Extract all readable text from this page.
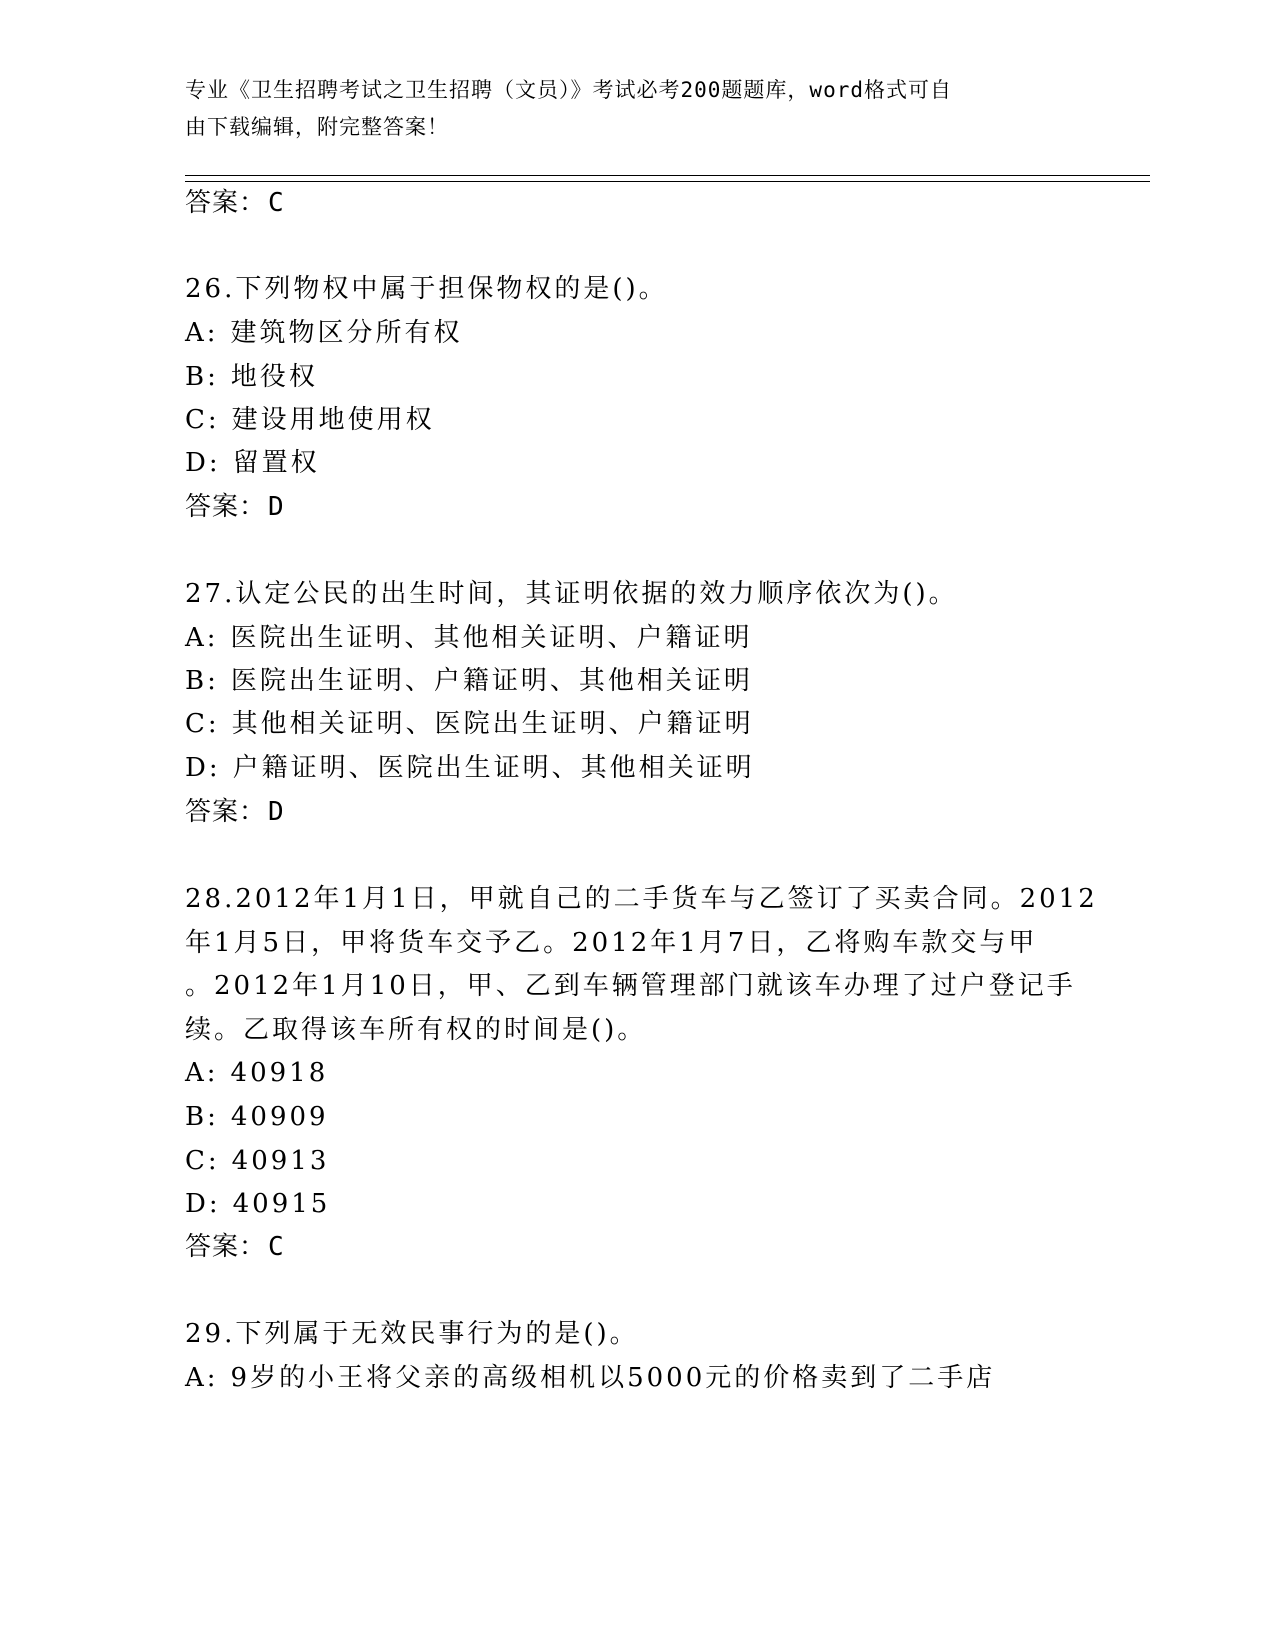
专业《卫生招聘考试之卫生招聘（文员）》考试必考200题题库，word格式可自
由下载编辑，附完整答案！
答案：C
26.下列物权中属于担保物权的是()。
A: 建筑物区分所有权
B: 地役权
C: 建设用地使用权
D: 留置权
答案：D
27.认定公民的出生时间，其证明依据的效力顺序依次为()。
A: 医院出生证明、其他相关证明、户籍证明
B: 医院出生证明、户籍证明、其他相关证明
C: 其他相关证明、医院出生证明、户籍证明
D: 户籍证明、医院出生证明、其他相关证明
答案：D
28.2012年1月1日，甲就自己的二手货车与乙签订了买卖合同。2012
年1月5日，甲将货车交予乙。2012年1月7日，乙将购车款交与甲
。2012年1月10日，甲、乙到车辆管理部门就该车办理了过户登记手
续。乙取得该车所有权的时间是()。
A: 40918
B: 40909
C: 40913
D: 40915
答案：C
29.下列属于无效民事行为的是()。
A: 9岁的小王将父亲的高级相机以5000元的价格卖到了二手店
